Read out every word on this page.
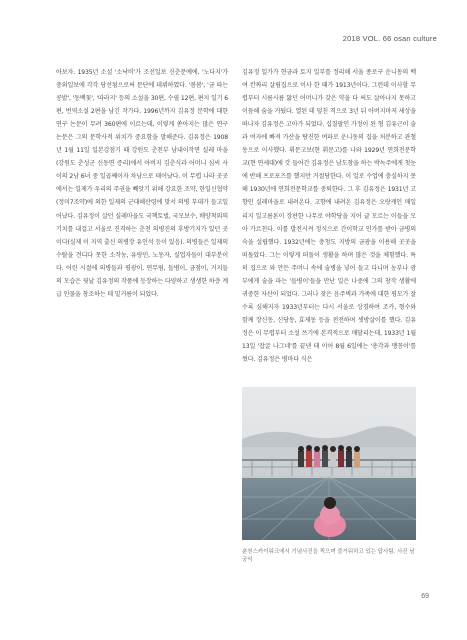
2018 VOL. 66 osan culture

아보자. 1935년 소설 '소낙비'가 조선일보 신춘문예에, '노다지'가 중외일보에 각각 당선됨으로써 문단에 데뷔하였다. '봄봄', '금 따는 콩밭', '동백꽃', '따라지' 등의 소설을 30편, 수필 12편, 편지 일기 6편, 번역소설 2편을 남긴 작가다. 1996년까지 김유정 문학에 대한 연구 논문이 무려 360편에 이르는데, 이렇게 쏟아지는 많은 연구 논문은 그의 문학사적 위치가 중요함을 말해준다. 김유정은 1908년 1월 11일 일본강점기 때 강원도 춘천부 남내이작면 실레 마을(강원도 춘성군 신동면 증리)에서 아버지 김춘식과 어머니 심씨 사이의 2남 6녀 중 일곱째이자 차남으로 태어났다. 이 무렵 나라 곳곳에서는 일제가 우리의 주권을 빼앗기 위해 강요한 조약, 한일신협약(정미7조약)에 의한 일제의 군대해산령에 맞서 의병 부대가 들고일어났다. 김유정이 살던 실레마을도 국책토벌, 국모보수, 배양척외의 기치를 내걸고 서울로 진격하는 춘천 의병진의 후방기지가 있던 곳이다(실제 이 지역 출신 의병장 유인석 등이 있음). 의병들은 일제의 수탈을 견디다 못한 소작농, 유랑민, 노동자, 실업자들이 대부분이다. 어린 시절에 의병들과 평광이, 연무림, 들병이, 금점이, 거지들의 모습은 뒷날 김유정의 작품에 등장하는 다양하고 생생한 하층 계급 인물을 창조하는 데 밑거름이 되었다.

김유정 일가가 현금과 토지 일부를 정리해 서울 종로구 운니동의 백여 칸짜리 살림집으로 이사 한 때가 1913년이다. 그런데 이사할 무렵부터 시름시름 앓던 어머니가 갖은 약을 다 써도 살아나지 못하고 이듬해 숨을 거뒀다. 열된 데 덮친 격으로 3년 뒤 아버지마저 세상을 떠나자 김유정은 고아가 되었다. 십칠팔인 가정이 된 형 김유근이 술과 여자에 빠져 가산을 탕진한 여파로 운니동의 집을 처분하고 관철동으로 이사했다. 휘문고보(현 휘문고)를 나와 1929년 연희전문학교(현 연세대)에 갓 들어간 김유정은 남도창을 하는 박녹주에게 첫눈에 반해 프로포즈를 했지만 거절당한다. 이 일로 수업에 충실하지 못해 1930년에 연희전문학교를 중퇴한다. 그 후 김유정은 1931년 고향인 실레마을로 내려온다. 고향에 내려온 김유정은 오랑캐인 매일리지 일고름톤이 장판한 나무로 야학당을 지어 글 모르는 이들을 모아 가르친다. 이를 발전시켜 정식으로 간이학교 인가를 받아 금병의숙을 설립했다. 1932년에는 충청도 지방의 금광을 이용해 곳곳을 떠돌았다. 그는 이렇게 떠돌이 생활을 하며 많은 것을 체험했다. 특히 집으로 와 안든 주머니 속에 술병을 넣어 들고 다니며 농부나 광부에게 술을 파는 '들병이'들을 만난 일은 나중에 그의 창작 생활에 귀중한 자산이 되었다. 그러나 잦은 음주벽과 가족에 대한 평모가 잘 수록 심해지자 1933년부터는 다시 서울로 상경하여 조카, 형수와 함께 장신동, 신당동, 효제동 등을 전전하며 셋방살이를 했다. 김유정은 이 무렵부터 소설 쓰기에 본격적으로 매달리는데, 1933년 1월 13일 '잡굴 나그네'를 끝낸 데 이어 8월 6일에는 '총각과 맹꽁이'를 썼다. 김유정은 병마다 식은

춘천스카이워크에서 기념사진을 찍으며 즐거워하고 있는 답사팀. 사진 남궁익
69
